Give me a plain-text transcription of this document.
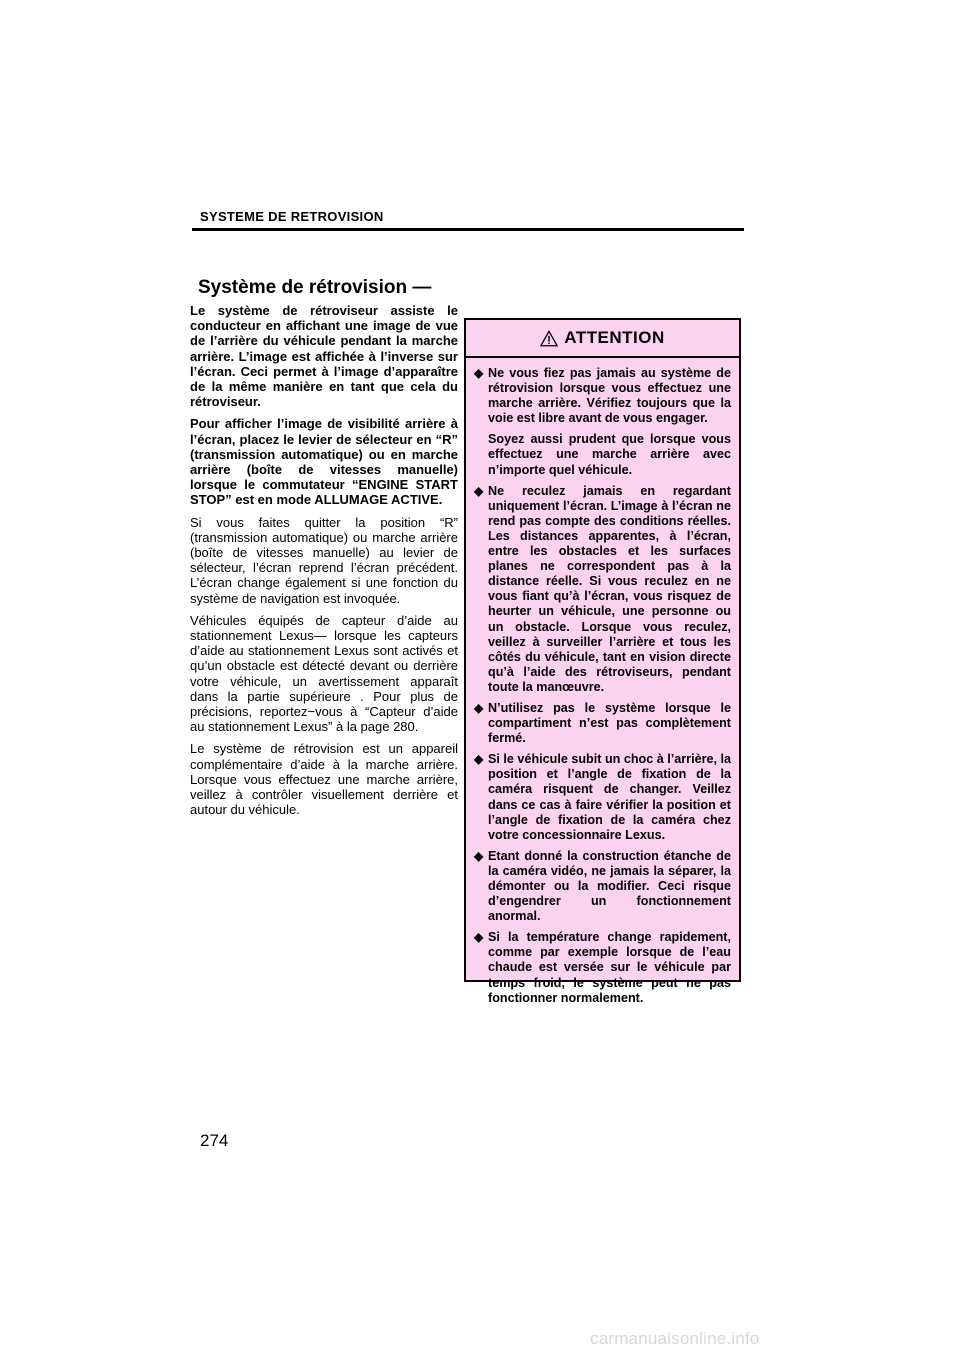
SYSTEME DE RETROVISION
Système de rétrovision —

Le système de rétroviseur assiste le conducteur en affichant une image de vue de l’arrière du véhicule pendant la marche arrière. L’image est affichée à l’inverse sur l’écran. Ceci permet à l’image d’apparaître de la même manière en tant que cela du rétroviseur.

Pour afficher l’image de visibilité arrière à l’écran, placez le levier de sélecteur en “R” (transmission automatique) ou en marche arrière (boîte de vitesses manuelle) lorsque le commutateur “ENGINE START STOP” est en mode ALLUMAGE ACTIVE.

Si vous faites quitter la position “R” (transmission automatique) ou marche arrière (boîte de vitesses manuelle) au levier de sélecteur, l’écran reprend l’écran précédent. L’écran change également si une fonction du système de navigation est invoquée.

Véhicules équipés de capteur d’aide au stationnement Lexus— lorsque les capteurs d’aide au stationnement Lexus sont activés et qu’un obstacle est détecté devant ou derrière votre véhicule, un avertissement apparaît dans la partie supérieure . Pour plus de précisions, reportez−vous à “Capteur d’aide au stationnement Lexus” à la page 280.

Le système de rétrovision est un appareil complémentaire d’aide à la marche arrière. Lorsque vous effectuez une marche arrière, veillez à contrôler visuellement derrière et autour du véhicule.

ATTENTION
◆ Ne vous fiez pas jamais au système de rétrovision lorsque vous effectuez une marche arrière. Vérifiez toujours que la voie est libre avant de vous engager.
Soyez aussi prudent que lorsque vous effectuez une marche arrière avec n’importe quel véhicule.
◆ Ne reculez jamais en regardant uniquement l’écran. L’image à l’écran ne rend pas compte des conditions réelles. Les distances apparentes, à l’écran, entre les obstacles et les surfaces planes ne correspondent pas à la distance réelle. Si vous reculez en ne vous fiant qu’à l’écran, vous risquez de heurter un véhicule, une personne ou un obstacle. Lorsque vous reculez, veillez à surveiller l’arrière et tous les côtés du véhicule, tant en vision directe qu’à l’aide des rétroviseurs, pendant toute la manœuvre.
◆ N’utilisez pas le système lorsque le compartiment n’est pas complètement fermé.
◆ Si le véhicule subit un choc à l’arrière, la position et l’angle de fixation de la caméra risquent de changer. Veillez dans ce cas à faire vérifier la position et l’angle de fixation de la caméra chez votre concessionnaire Lexus.
◆ Etant donné la construction étanche de la caméra vidéo, ne jamais la séparer, la démonter ou la modifier. Ceci risque d’engendrer un fonctionnement anormal.
◆ Si la température change rapidement, comme par exemple lorsque de l’eau chaude est versée sur le véhicule par temps froid, le système peut ne pas fonctionner normalement.
274
carmanualsonline.info
